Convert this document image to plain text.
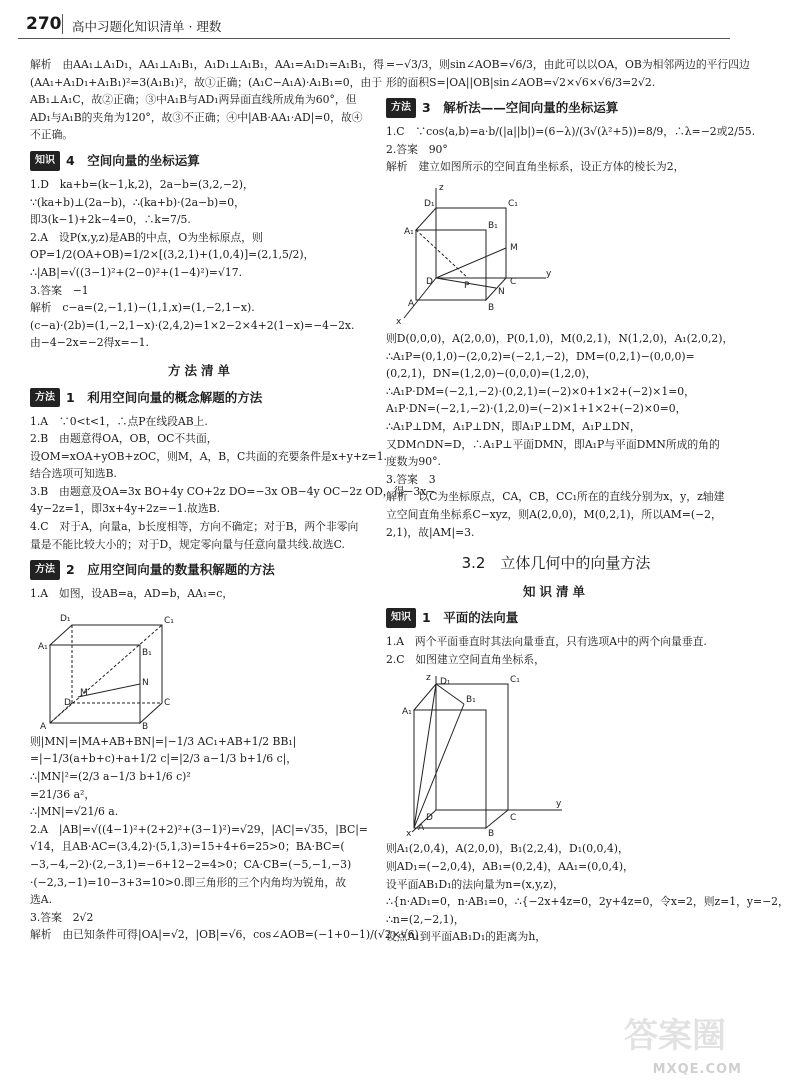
270 高中习题化知识清单 · 理数
解析　由AA₁⊥A₁D₁，AA₁⊥A₁B₁，A₁D₁⊥A₁B₁，AA₁=A₁D₁=A₁B₁，得
(AA₁+A₁D₁+A₁B₁)²=3(A₁B₁)²，故①正确；(A₁C−A₁A)·A₁B₁=0，由于
AB₁⊥A₁C，故②正确；③中A₁B与AD₁两异面直线所成角为60°，但
AD₁与A₁B的夹角为120°，故③不正确；④中|AB·AA₁·AD|=0，故④
不正确。
知识 4　空间向量的坐标运算
1.D　ka+b=(k−1,k,2)，2a−b=(3,2,−2)，
∵(ka+b)⊥(2a−b)，∴(ka+b)·(2a−b)=0，
即3(k−1)+2k−4=0，∴k=7/5.
2.A　设P(x,y,z)是AB的中点，O为坐标原点，则
OP=1/2(OA+OB)=1/2×[(3,2,1)+(1,0,4)]=(2,1,5/2)，
∴|AB|=√((3−1)²+(2−0)²+(1−4)²)=√17.
3.答案　−1
解析　c−a=(2,−1,1)−(1,1,x)=(1,−2,1−x).
(c−a)·(2b)=(1,−2,1−x)·(2,4,2)=1×2−2×4+2(1−x)=−4−2x.
由−4−2x=−2得x=−1.
方法清单
方法 1　利用空间向量的概念解题的方法
1.A　∵0<t<1，∴点P在线段AB上.
2.B　由题意得OA，OB，OC不共面，
设OM=xOA+yOB+zOC，则M，A，B，C共面的充要条件是x+y+z=1.
结合选项可知选B.
3.B　由题意及OA=3x BO+4y CO+2z DO=−3x OB−4y OC−2z OD，得−3x−
4y−2z=1，即3x+4y+2z=−1.故选B.
4.C　对于A，向量a，b长度相等，方向不确定；对于B，两个非零向
量是不能比较大小的；对于D，规定零向量与任意向量共线.故选C.
方法 2　应用空间向量的数量积解题的方法
1.A　如图，设AB=a，AD=b，AA₁=c，
A₁
D₁	C₁
B₁
N
C
A	B
D
M
则|MN|=|MA+AB+BN|=|−1/3 AC₁+AB+1/2 BB₁|
=|−1/3(a+b+c)+a+1/2 c|=|2/3 a−1/3 b+1/6 c|，
∴|MN|²=(2/3 a−1/3 b+1/6 c)²
=21/36 a²，
∴|MN|=√21/6 a.
2.A　|AB|=√((4−1)²+(2+2)²+(3−1)²)=√29，|AC|=√35，|BC|=
√14，且AB·AC=(3,4,2)·(5,1,3)=15+4+6=25>0；BA·BC=(
−3,−4,−2)·(2,−3,1)=−6+12−2=4>0；CA·CB=(−5,−1,−3)
·(−2,3,−1)=10−3+3=10>0.即三角形的三个内角均为锐角，故
选A.
3.答案　2√2
解析　由已知条件可得|OA|=√2，|OB|=√6，cos∠AOB=(−1+0−1)/(√2×√6)
=−√3/3，则sin∠AOB=√6/3，由此可以以OA，OB为相邻两边的平行四边
形的面积S=|OA||OB|sin∠AOB=√2×√6×√6/3=2√2.
方法 3　解析法——空间向量的坐标运算
1.C　∵cos⟨a,b⟩=a·b/(|a||b|)=(6−λ)/(3√(λ²+5))=8/9，∴λ=−2或2/55.
2.答案　90°
解析　建立如图所示的空间直角坐标系，设正方体的棱长为2，
z
y
x
D₁	C₁
A₁
B₁
M
N
D	P	C
A	B
则D(0,0,0)，A(2,0,0)，P(0,1,0)，M(0,2,1)，N(1,2,0)，A₁(2,0,2)，
∴A₁P=(0,1,0)−(2,0,2)=(−2,1,−2)，DM=(0,2,1)−(0,0,0)=
(0,2,1)，DN=(1,2,0)−(0,0,0)=(1,2,0)，
∴A₁P·DM=(−2,1,−2)·(0,2,1)=(−2)×0+1×2+(−2)×1=0，
A₁P·DN=(−2,1,−2)·(1,2,0)=(−2)×1+1×2+(−2)×0=0，
∴A₁P⊥DM，A₁P⊥DN，即A₁P⊥DM，A₁P⊥DN，
又DM∩DN=D，∴A₁P⊥平面DMN，即A₁P与平面DMN所成的角的
度数为90°.
3.答案　3
解析　以C为坐标原点，CA，CB，CC₁所在的直线分别为x，y，z轴建
立空间直角坐标系C−xyz，则A(2,0,0)，M(0,2,1)，所以AM=(−2，
2,1)，故|AM|=3.
3.2　立体几何中的向量方法
知识清单
知识 1　平面的法向量
1.A　两个平面垂直时其法向量垂直，只有选项A中的两个向量垂直.
2.C　如图建立空间直角坐标系，
z D₁	C₁
A₁
B₁
D	C
y
x
A
B
则A₁(2,0,4)，A(2,0,0)，B₁(2,2,4)，D₁(0,0,4)，
则AD₁=(−2,0,4)，AB₁=(0,2,4)，AA₁=(0,0,4)，
设平面AB₁D₁的法向量为n=(x,y,z)，
∴{n·AD₁=0，n·AB₁=0，∴{−2x+4z=0，2y+4z=0，令x=2，则z=1，y=−2，
∴n=(2,−2,1)，
设点A₁到平面AB₁D₁的距离为h，
答案圈
MXQE.COM
